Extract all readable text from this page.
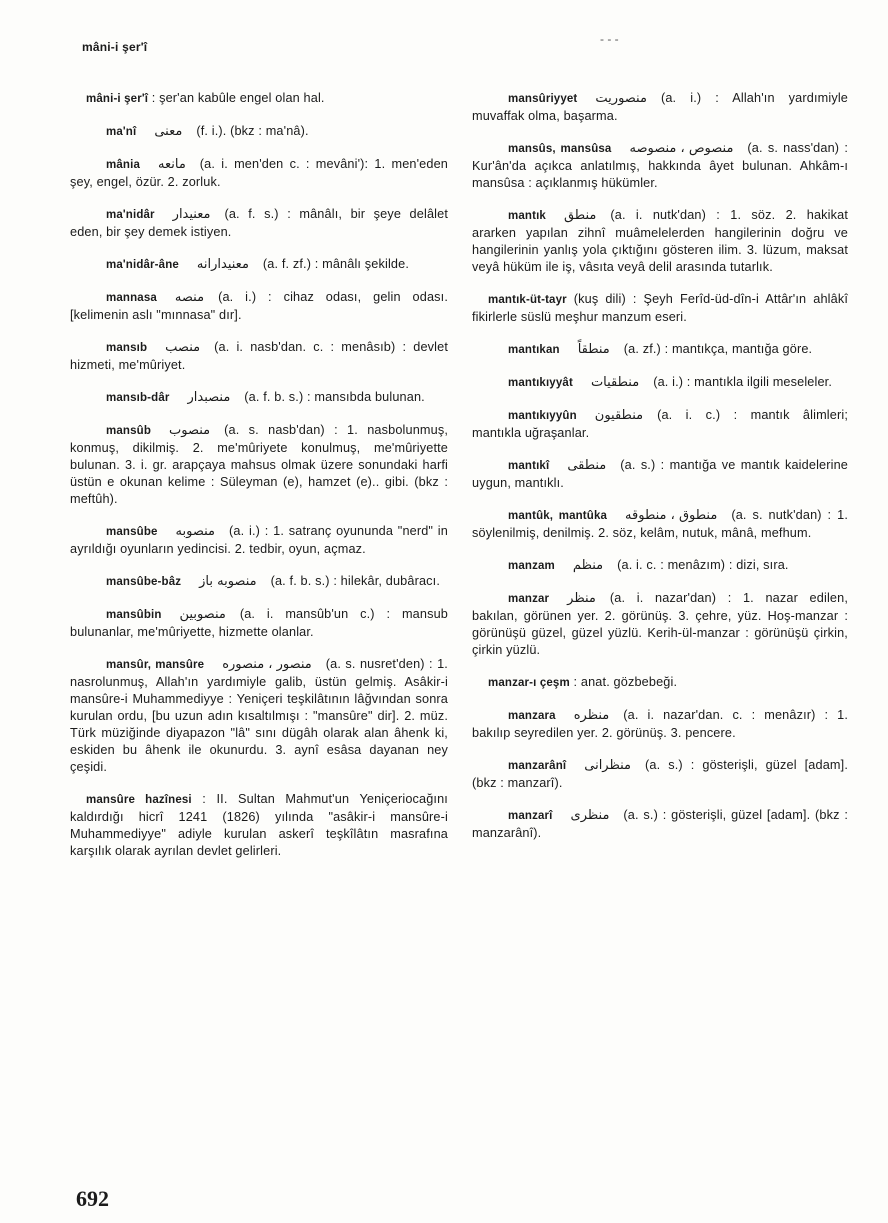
mâni-i şer'î
- - -
mâni-i şer'î : şer'an kabûle engel olan hal.
ma'nî معنى (f. i.). (bkz : ma'nâ).
mânia مانعه (a. i. men'den c. : mevâni'): 1. men'eden şey, engel, özür. 2. zorluk.
ma'nidâr معنيدار (a. f. s.) : mânâlı, bir şeye delâlet eden, bir şey demek istiyen.
ma'nidâr-âne معنيدارانه (a. f. zf.) : mânâlı şekilde.
mannasa منصه (a. i.) : cihaz odası, gelin odası. [kelimenin aslı "mınnasa" dır].
mansıb منصب (a. i. nasb'dan. c. : menâsıb) : devlet hizmeti, me'mûriyet.
mansıb-dâr منصبدار (a. f. b. s.) : mansıbda bulunan.
mansûb منصوب (a. s. nasb'dan) : 1. nasbolunmuş, konmuş, dikilmiş. 2. me'mûriyete konulmuş, me'mûriyette bulunan. 3. i. gr. arapçaya mahsus olmak üzere sonundaki harfi üstün e okunan kelime : Süleyman (e), hamzet (e).. gibi. (bkz : meftûh).
mansûbe منصوبه (a. i.) : 1. satranç oyununda "nerd" in ayrıldığı oyunların yedincisi. 2. tedbir, oyun, açmaz.
mansûbe-bâz منصوبه باز (a. f. b. s.) : hilekâr, dubâracı.
mansûbin منصوبين (a. i. mansûb'un c.) : mansub bulunanlar, me'mûriyette, hizmette olanlar.
mansûr, mansûre منصور ، منصوره (a. s. nusret'den) : 1. nasrolunmuş, Allah'ın yardımiyle galib, üstün gelmiş. Asâkir-i mansûre-i Muhammediyye : Yeniçeri teşkilâtının lâğvından sonra kurulan ordu, [bu uzun adın kısaltılmışı : "mansûre" dir]. 2. müz. Türk müziğinde diyapazon "lâ" sını dügâh olarak alan âhenk ki, eskiden bu âhenk ile okunurdu. 3. aynî esâsa dayanan ney çeşidi.
mansûre hazînesi : II. Sultan Mahmut'un Yeniçeriocağını kaldırdığı hicrî 1241 (1826) yılında "asâkir-i mansûre-i Muhammediyye" adiyle kurulan askerî teşkîlâtın masrafına karşılık olarak ayrılan devlet gelirleri.
mansûriyyet منصوريت (a. i.) : Allah'ın yardımiyle muvaffak olma, başarma.
mansûs, mansûsa منصوص ، منصوصه (a. s. nass'dan) : Kur'ân'da açıkca anlatılmış, hakkında âyet bulunan. Ahkâm-ı mansûsa : açıklanmış hükümler.
mantık منطق (a. i. nutk'dan) : 1. söz. 2. hakikat ararken yapılan zihnî muâmelelerden hangilerinin doğru ve hangilerinin yanlış yola çıktığını gösteren ilim. 3. lüzum, maksat veyâ hüküm ile iş, vâsıta veyâ delil arasında tutarlık.
mantık-üt-tayr (kuş dili) : Şeyh Ferîd-üd-dîn-i Attâr'ın ahlâkî fikirlerle süslü meşhur manzum eseri.
mantıkan منطقاً (a. zf.) : mantıkça, mantığa göre.
mantıkıyyât منطقيات (a. i.) : mantıkla ilgili meseleler.
mantıkıyyûn منطقيون (a. i. c.) : mantık âlimleri; mantıkla uğraşanlar.
mantıkî منطقى (a. s.) : mantığa ve mantık kaidelerine uygun, mantıklı.
mantûk, mantûka منطوق ، منطوقه (a. s. nutk'dan) : 1. söylenilmiş, denilmiş. 2. söz, kelâm, nutuk, mânâ, mefhum.
manzam منظم (a. i. c. : menâzım) : dizi, sıra.
manzar منظر (a. i. nazar'dan) : 1. nazar edilen, bakılan, görünen yer. 2. görünüş. 3. çehre, yüz. Hoş-manzar : görünüşü güzel, güzel yüzlü. Kerih-ül-manzar : görünüşü çirkin, çirkin yüzlü.
manzar-ı çeşm : anat. gözbebeği.
manzara منظره (a. i. nazar'dan. c. : menâzır) : 1. bakılıp seyredilen yer. 2. görünüş. 3. pencere.
manzarânî منظرانى (a. s.) : gösterişli, güzel [adam]. (bkz : manzarî).
manzarî منظرى (a. s.) : gösterişli, güzel [adam]. (bkz : manzarânî).
692
